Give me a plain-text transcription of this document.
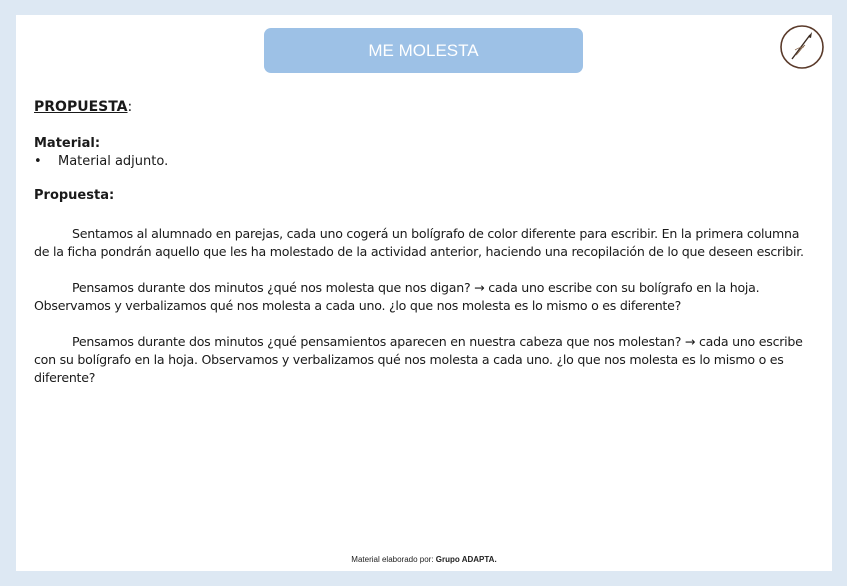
ME MOLESTA

PROPUESTA:

Material:

•	Material adjunto.

Propuesta:

Sentamos al alumnado en parejas, cada uno cogerá un bolígrafo de color diferente para escribir. En la primera columna de la ficha pondrán aquello que les ha molestado de la actividad anterior, haciendo una recopilación de lo que deseen escribir.

Pensamos durante dos minutos ¿qué nos molesta que nos digan? → cada uno escribe con su bolígrafo en la hoja. Observamos y verbalizamos qué nos molesta a cada uno. ¿lo que nos molesta es lo mismo o es diferente?

Pensamos durante dos minutos ¿qué pensamientos aparecen en nuestra cabeza que nos molestan? → cada uno escribe con su bolígrafo en la hoja. Observamos y verbalizamos qué nos molesta a cada uno. ¿lo que nos molesta es lo mismo o es diferente?

Material elaborado por: Grupo ADAPTA.
